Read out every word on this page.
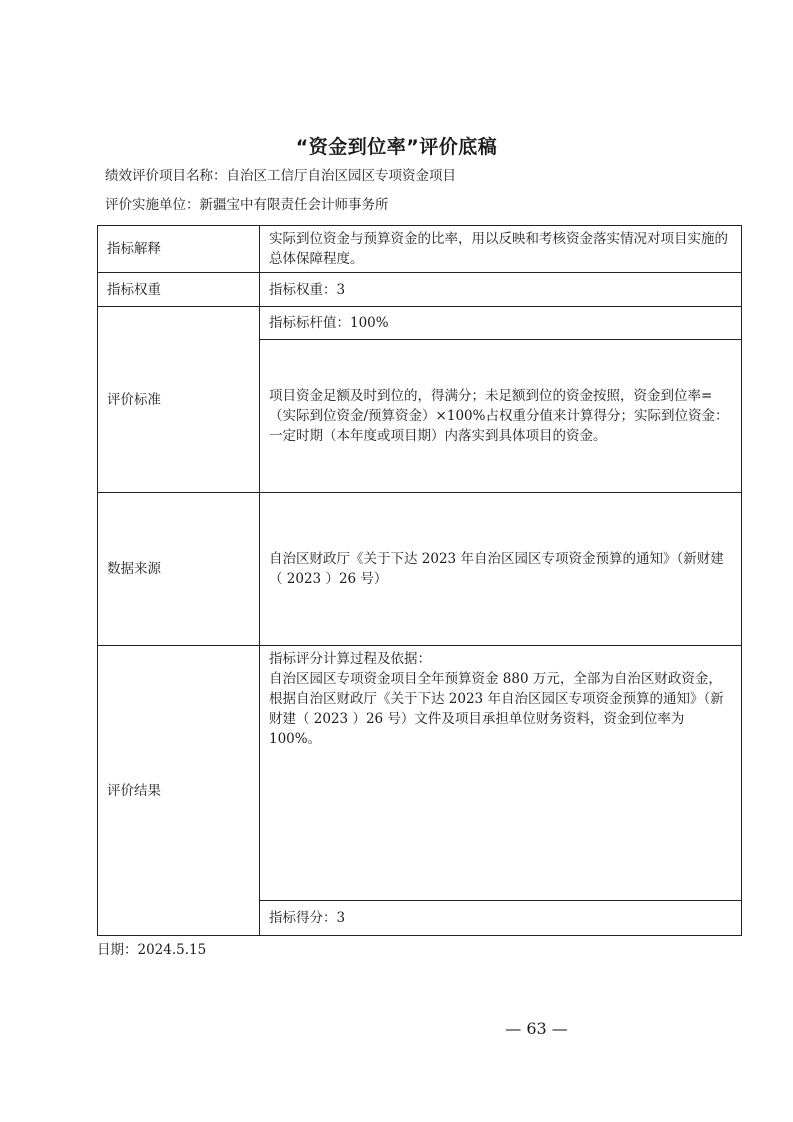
“资金到位率”评价底稿
绩效评价项目名称：自治区工信厅自治区园区专项资金项目
评价实施单位：新疆宝中有限责任会计师事务所
指标解释	实际到位资金与预算资金的比率，用以反映和考核资金落实情况对项目实施的总体保障程度。
指标权重	指标权重：3
评价标准	指标标杆值：100%
	项目资金足额及时到位的，得满分；未足额到位的资金按照，资金到位率=（实际到位资金/预算资金）×100%占权重分值来计算得分；实际到位资金：一定时期（本年度或项目期）内落实到具体项目的资金。
数据来源	自治区财政厅《关于下达 2023 年自治区园区专项资金预算的通知》（新财建（ 2023 ）26 号）
评价结果	指标评分计算过程及依据：
自治区园区专项资金项目全年预算资金 880 万元，全部为自治区财政资金，根据自治区财政厅《关于下达 2023 年自治区园区专项资金预算的通知》（新财建（ 2023 ）26 号）文件及项目承担单位财务资料，资金到位率为 100%。

	指标得分：3
日期：2024.5.15
— 63 —
